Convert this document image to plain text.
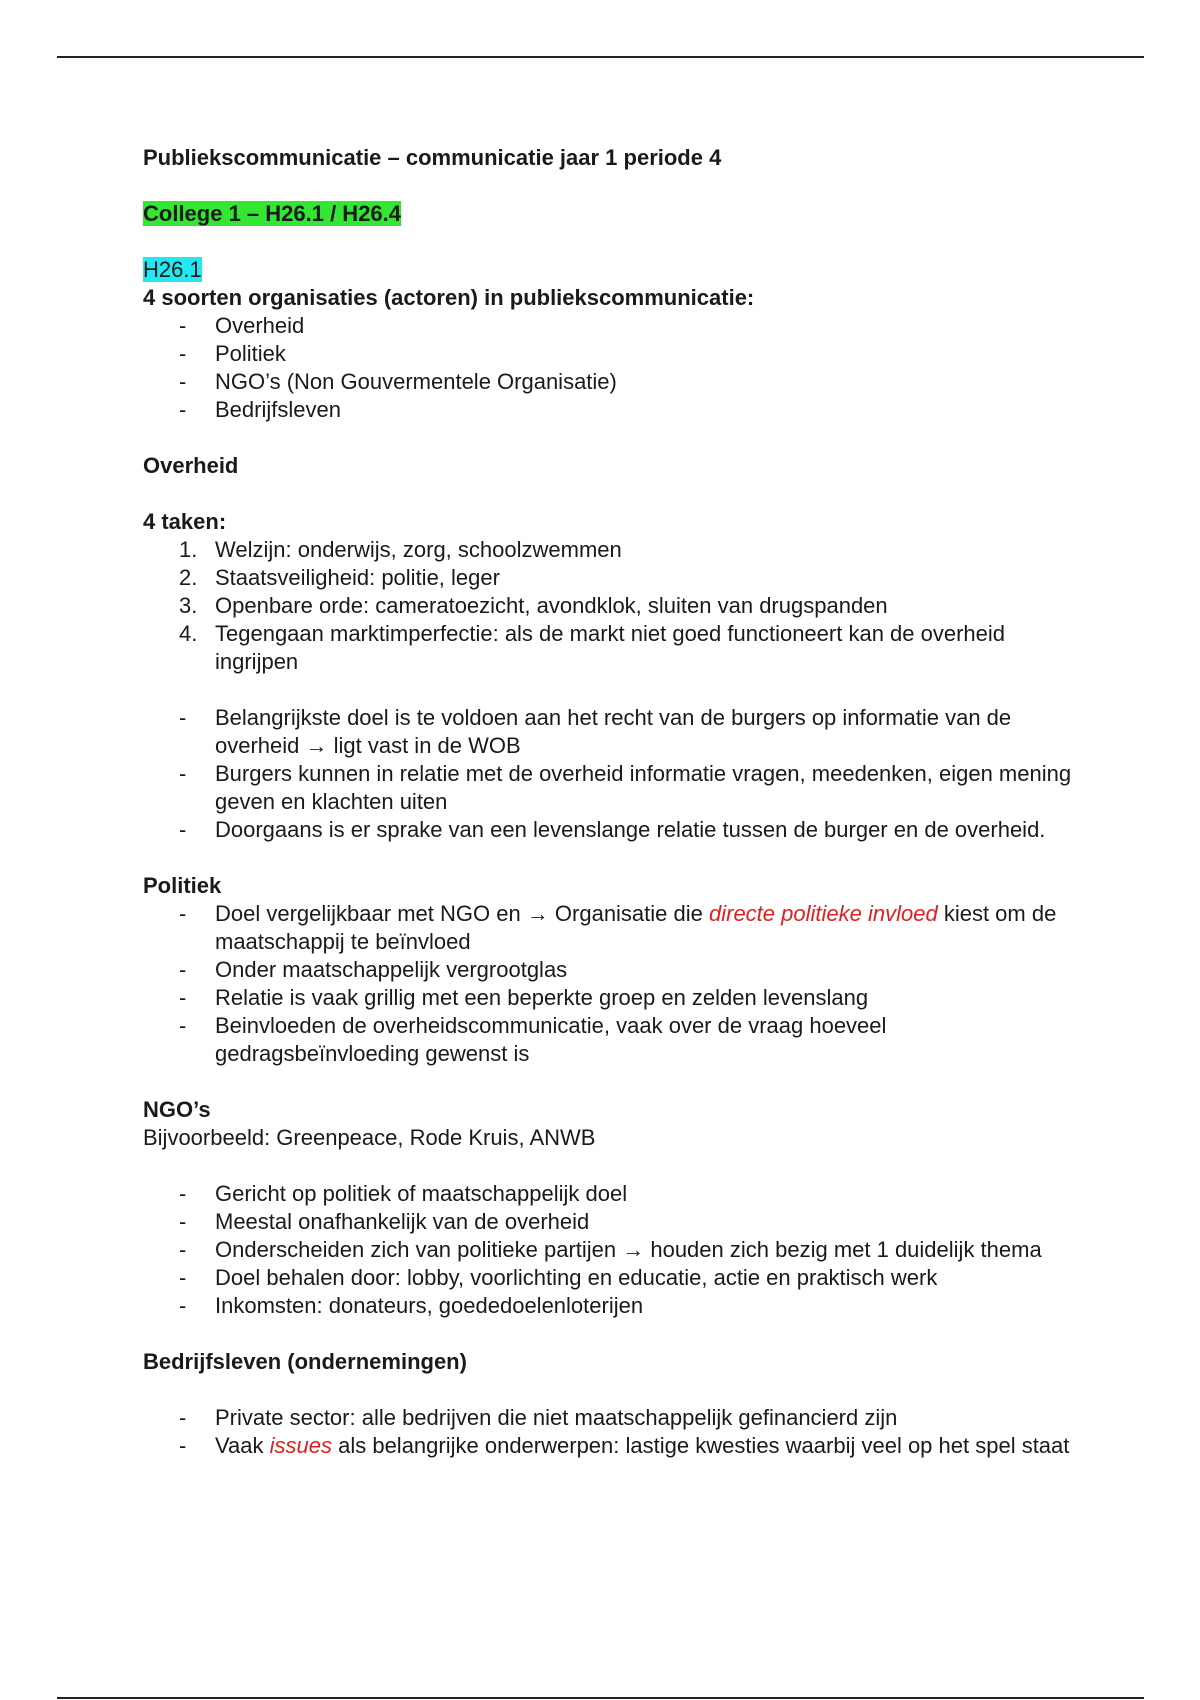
Publiekscommunicatie – communicatie jaar 1 periode 4
College 1 – H26.1 / H26.4
H26.1
4 soorten organisaties (actoren) in publiekscommunicatie:
-	Overheid
-	Politiek
-	NGO’s (Non Gouvermentele Organisatie)
-	Bedrijfsleven
Overheid
4 taken:
1. Welzijn: onderwijs, zorg, schoolzwemmen
2. Staatsveiligheid: politie, leger
3. Openbare orde: cameratoezicht, avondklok, sluiten van drugspanden
4. Tegengaan marktimperfectie: als de markt niet goed functioneert kan de overheid ingrijpen
-	Belangrijkste doel is te voldoen aan het recht van de burgers op informatie van de overheid → ligt vast in de WOB
-	Burgers kunnen in relatie met de overheid informatie vragen, meedenken, eigen mening geven en klachten uiten
-	Doorgaans is er sprake van een levenslange relatie tussen de burger en de overheid.
Politiek
-	Doel vergelijkbaar met NGO en → Organisatie die directe politieke invloed kiest om de maatschappij te beïnvloed
-	Onder maatschappelijk vergrootglas
-	Relatie is vaak grillig met een beperkte groep en zelden levenslang
-	Beinvloeden de overheidscommunicatie, vaak over de vraag hoeveel gedragsbeïnvloeding gewenst is
NGO’s
Bijvoorbeeld: Greenpeace, Rode Kruis, ANWB
-	Gericht op politiek of maatschappelijk doel
-	Meestal onafhankelijk van de overheid
-	Onderscheiden zich van politieke partijen → houden zich bezig met 1 duidelijk thema
-	Doel behalen door: lobby, voorlichting en educatie, actie en praktisch werk
-	Inkomsten: donateurs, goededoelenloterijen
Bedrijfsleven (ondernemingen)
-	Private sector: alle bedrijven die niet maatschappelijk gefinancierd zijn
-	Vaak issues als belangrijke onderwerpen: lastige kwesties waarbij veel op het spel staat
